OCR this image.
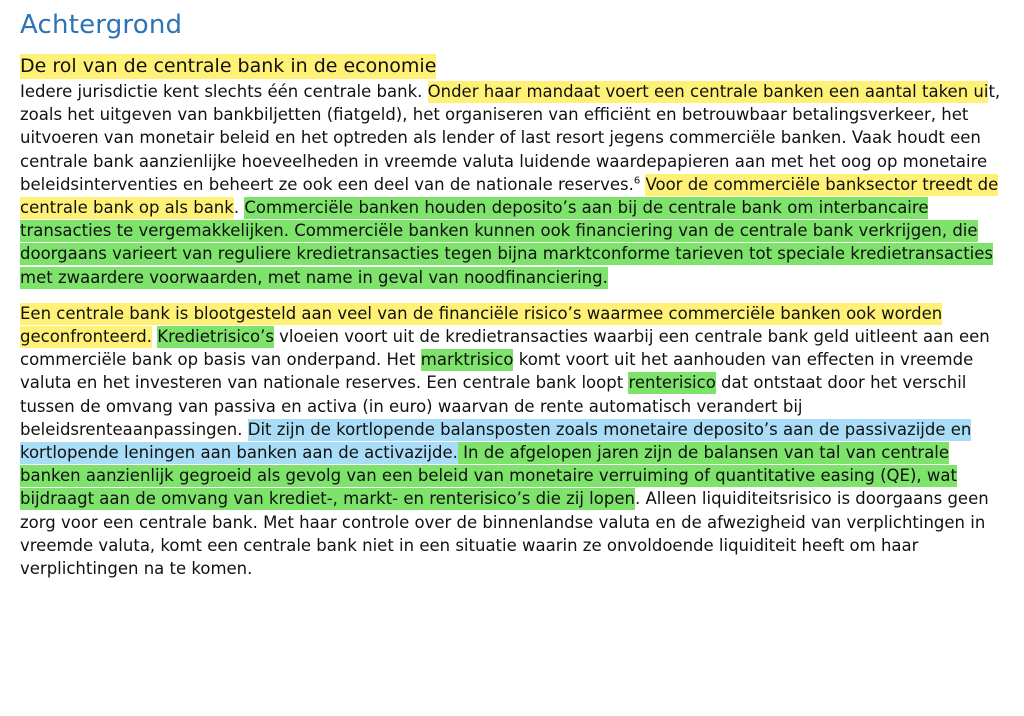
Achtergrond
De rol van de centrale bank in de economie

Iedere jurisdictie kent slechts één centrale bank. Onder haar mandaat voert een centrale banken een aantal taken uit, zoals het uitgeven van bankbiljetten (fiatgeld), het organiseren van efficiënt en betrouwbaar betalingsverkeer, het uitvoeren van monetair beleid en het optreden als lender of last resort jegens commerciële banken. Vaak houdt een centrale bank aanzienlijke hoeveelheden in vreemde valuta luidende waardepapieren aan met het oog op monetaire beleidsinterventies en beheert ze ook een deel van de nationale reserves.$^6$ Voor de commerciële banksector treedt de centrale bank op als bank. Commerciële banken houden deposito’s aan bij de centrale bank om interbancaire transacties te vergemakkelijken. Commerciële banken kunnen ook financiering van de centrale bank verkrijgen, die doorgaans varieert van reguliere kredietransacties tegen bijna marktconforme tarieven tot speciale kredietransacties met zwaardere voorwaarden, met name in geval van noodfinanciering.

Een centrale bank is blootgesteld aan veel van de financiële risico’s waarmee commerciële banken ook worden geconfronteerd. Kredietrisico’s vloeien voort uit de kredietransacties waarbij een centrale bank geld uitleent aan een commerciële bank op basis van onderpand. Het marktrisico komt voort uit het aanhouden van effecten in vreemde valuta en het investeren van nationale reserves. Een centrale bank loopt renterisico dat ontstaat door het verschil tussen de omvang van passiva en activa (in euro) waarvan de rente automatisch verandert bij beleidsrenteaanpassingen. Dit zijn de kortlopende balansposten zoals monetaire deposito’s aan de passivazijde en kortlopende leningen aan banken aan de activazijde. In de afgelopen jaren zijn de balansen van tal van centrale banken aanzienlijk gegroeid als gevolg van een beleid van monetaire verruiming of quantitative easing (QE), wat bijdraagt aan de omvang van krediet-, markt- en renterisico’s die zij lopen. Alleen liquiditeitsrisico is doorgaans geen zorg voor een centrale bank. Met haar controle over de binnenlandse valuta en de afwezigheid van verplichtingen in vreemde valuta, komt een centrale bank niet in een situatie waarin ze onvoldoende liquiditeit heeft om haar verplichtingen na te komen.
